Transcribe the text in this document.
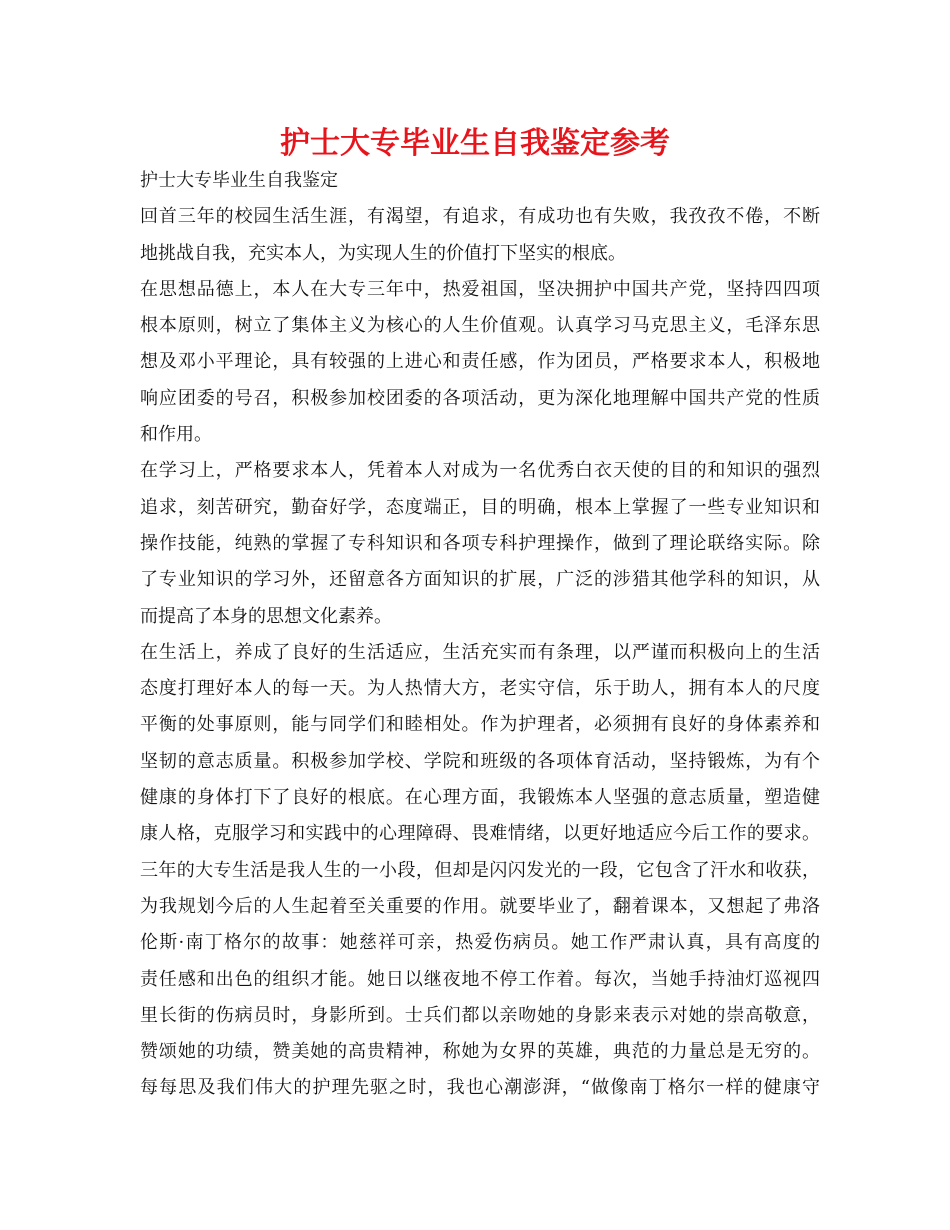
护士大专毕业生自我鉴定参考
护士大专毕业生自我鉴定
回首三年的校园生活生涯，有渴望，有追求，有成功也有失败，我孜孜不倦，不断
地挑战自我，充实本人，为实现人生的价值打下坚实的根底。
在思想品德上，本人在大专三年中，热爱祖国，坚决拥护中国共产党，坚持四四项
根本原则，树立了集体主义为核心的人生价值观。认真学习马克思主义，毛泽东思
想及邓小平理论，具有较强的上进心和责任感，作为团员，严格要求本人，积极地
响应团委的号召，积极参加校团委的各项活动，更为深化地理解中国共产党的性质
和作用。
在学习上，严格要求本人，凭着本人对成为一名优秀白衣天使的目的和知识的强烈
追求，刻苦研究，勤奋好学，态度端正，目的明确，根本上掌握了一些专业知识和
操作技能，纯熟的掌握了专科知识和各项专科护理操作，做到了理论联络实际。除
了专业知识的学习外，还留意各方面知识的扩展，广泛的涉猎其他学科的知识，从
而提高了本身的思想文化素养。
在生活上，养成了良好的生活适应，生活充实而有条理，以严谨而积极向上的生活
态度打理好本人的每一天。为人热情大方，老实守信，乐于助人，拥有本人的尺度
平衡的处事原则，能与同学们和睦相处。作为护理者，必须拥有良好的身体素养和
坚韧的意志质量。积极参加学校、学院和班级的各项体育活动，坚持锻炼，为有个
健康的身体打下了良好的根底。在心理方面，我锻炼本人坚强的意志质量，塑造健
康人格，克服学习和实践中的心理障碍、畏难情绪，以更好地适应今后工作的要求。
三年的大专生活是我人生的一小段，但却是闪闪发光的一段，它包含了汗水和收获，
为我规划今后的人生起着至关重要的作用。就要毕业了，翻着课本，又想起了弗洛
伦斯·南丁格尔的故事：她慈祥可亲，热爱伤病员。她工作严肃认真，具有高度的
责任感和出色的组织才能。她日以继夜地不停工作着。每次，当她手持油灯巡视四
里长街的伤病员时，身影所到。士兵们都以亲吻她的身影来表示对她的崇高敬意，
赞颂她的功绩，赞美她的高贵精神，称她为女界的英雄，典范的力量总是无穷的。
每每思及我们伟大的护理先驱之时，我也心潮澎湃，“做像南丁格尔一样的健康守
